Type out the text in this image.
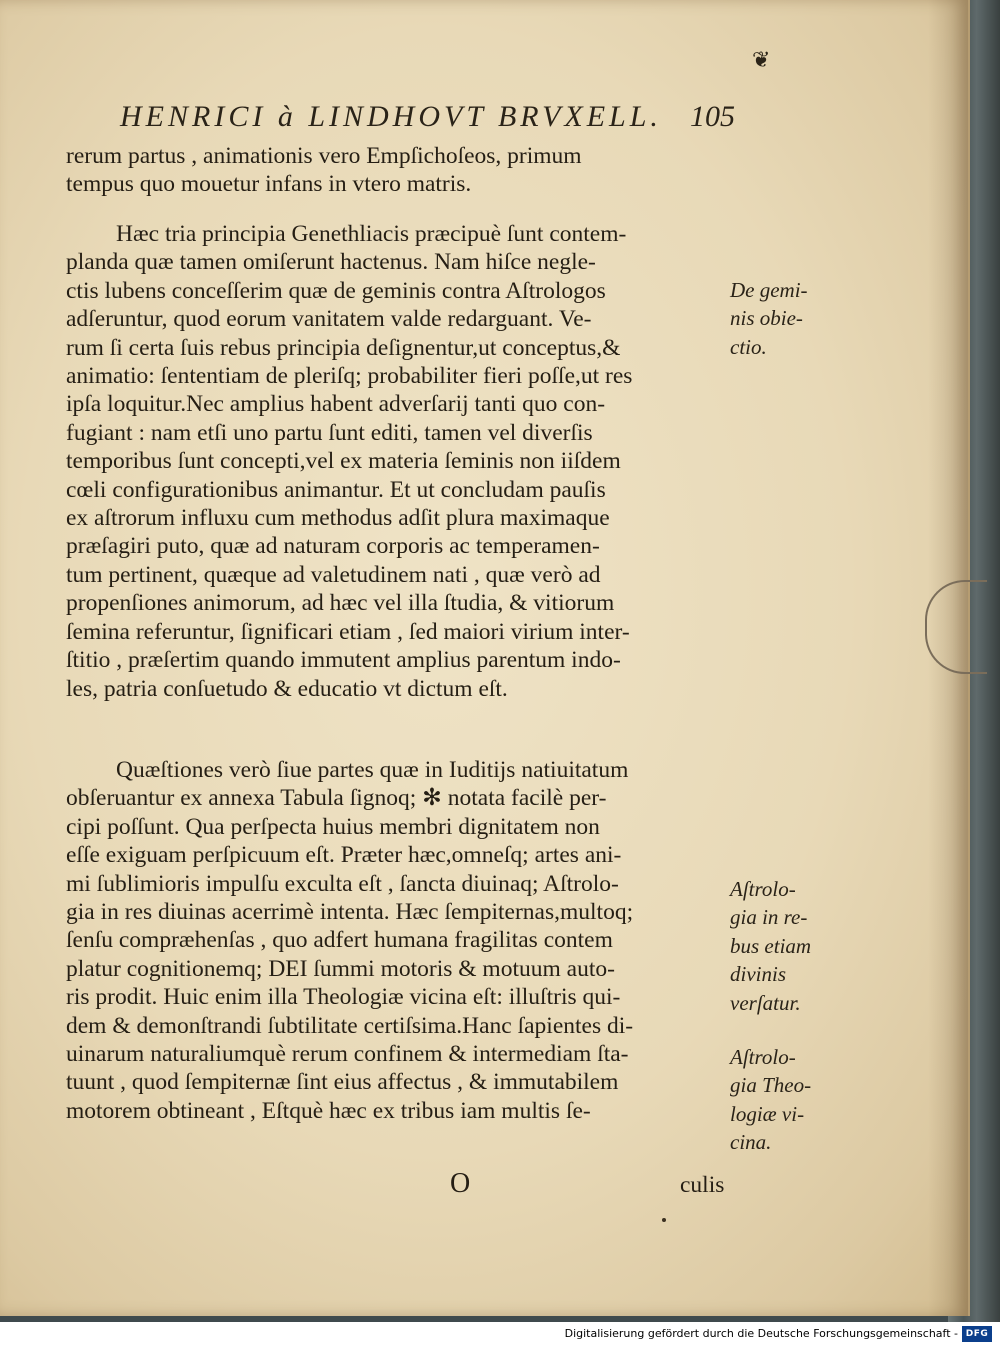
❦
HENRICI à LINDHOVT BRVXELL. 105
rerum partus , animationis vero Empſichoſeos, primum
tempus quo mouetur infans in vtero matris.
Hæc tria principia Genethliacis præcipuè ſunt contem-
planda quæ tamen omiſerunt hactenus. Nam hiſce negle-
ctis lubens conceſſerim quæ de geminis contra Aſtrologos
adſeruntur, quod eorum vanitatem valde redarguant. Ve-
rum ſi certa ſuis rebus principia deſignentur,ut conceptus,&
animatio: ſententiam de pleriſq; probabiliter fieri poſſe,ut res
ipſa loquitur.Nec amplius habent adverſarij tanti quo con-
fugiant : nam etſi uno partu ſunt editi, tamen vel diverſis
temporibus ſunt concepti,vel ex materia ſeminis non iiſdem
cœli configurationibus animantur. Et ut concludam pauſis
ex aſtrorum influxu cum methodus adſit plura maximaque
præſagiri puto, quæ ad naturam corporis ac temperamen-
tum pertinent, quæque ad valetudinem nati , quæ verò ad
propenſiones animorum, ad hæc vel illa ſtudia, & vitiorum
ſemina referuntur, ſignificari etiam , ſed maiori virium inter-
ſtitio , præſertim quando immutent amplius parentum indo-
les, patria conſuetudo & educatio vt dictum eſt.
Quæſtiones verò ſiue partes quæ in Iuditijs natiuitatum
obſeruantur ex annexa Tabula ſignoq; ✻ notata facilè per-
cipi poſſunt. Qua perſpecta huius membri dignitatem non
eſſe exiguam perſpicuum eſt. Præter hæc,omneſq; artes ani-
mi ſublimioris impulſu exculta eſt , ſancta diuinaq; Aſtrolo-
gia in res diuinas acerrimè intenta. Hæc ſempiternas,multoq;
ſenſu compræhenſas , quo adfert humana fragilitas contem
platur cognitionemq; DEI ſummi motoris & motuum auto-
ris prodit. Huic enim illa Theologiæ vicina eſt: illuſtris qui-
dem & demonſtrandi ſubtilitate certiſsima.Hanc ſapientes di-
uinarum naturaliumquè rerum confinem & intermediam ſta-
tuunt , quod ſempiternæ ſint eius affectus , & immutabilem
motorem obtineant , Eſtquè hæc ex tribus iam multis ſe-
De gemi-
nis obie-
ctio.
Aſtrolo-
gia in re-
bus etiam
divinis
verſatur.
Aſtrolo-
gia Theo-
logiæ vi-
cina.
O	culis
Digitalisierung gefördert durch die Deutsche Forschungsgemeinschaft - DFG
